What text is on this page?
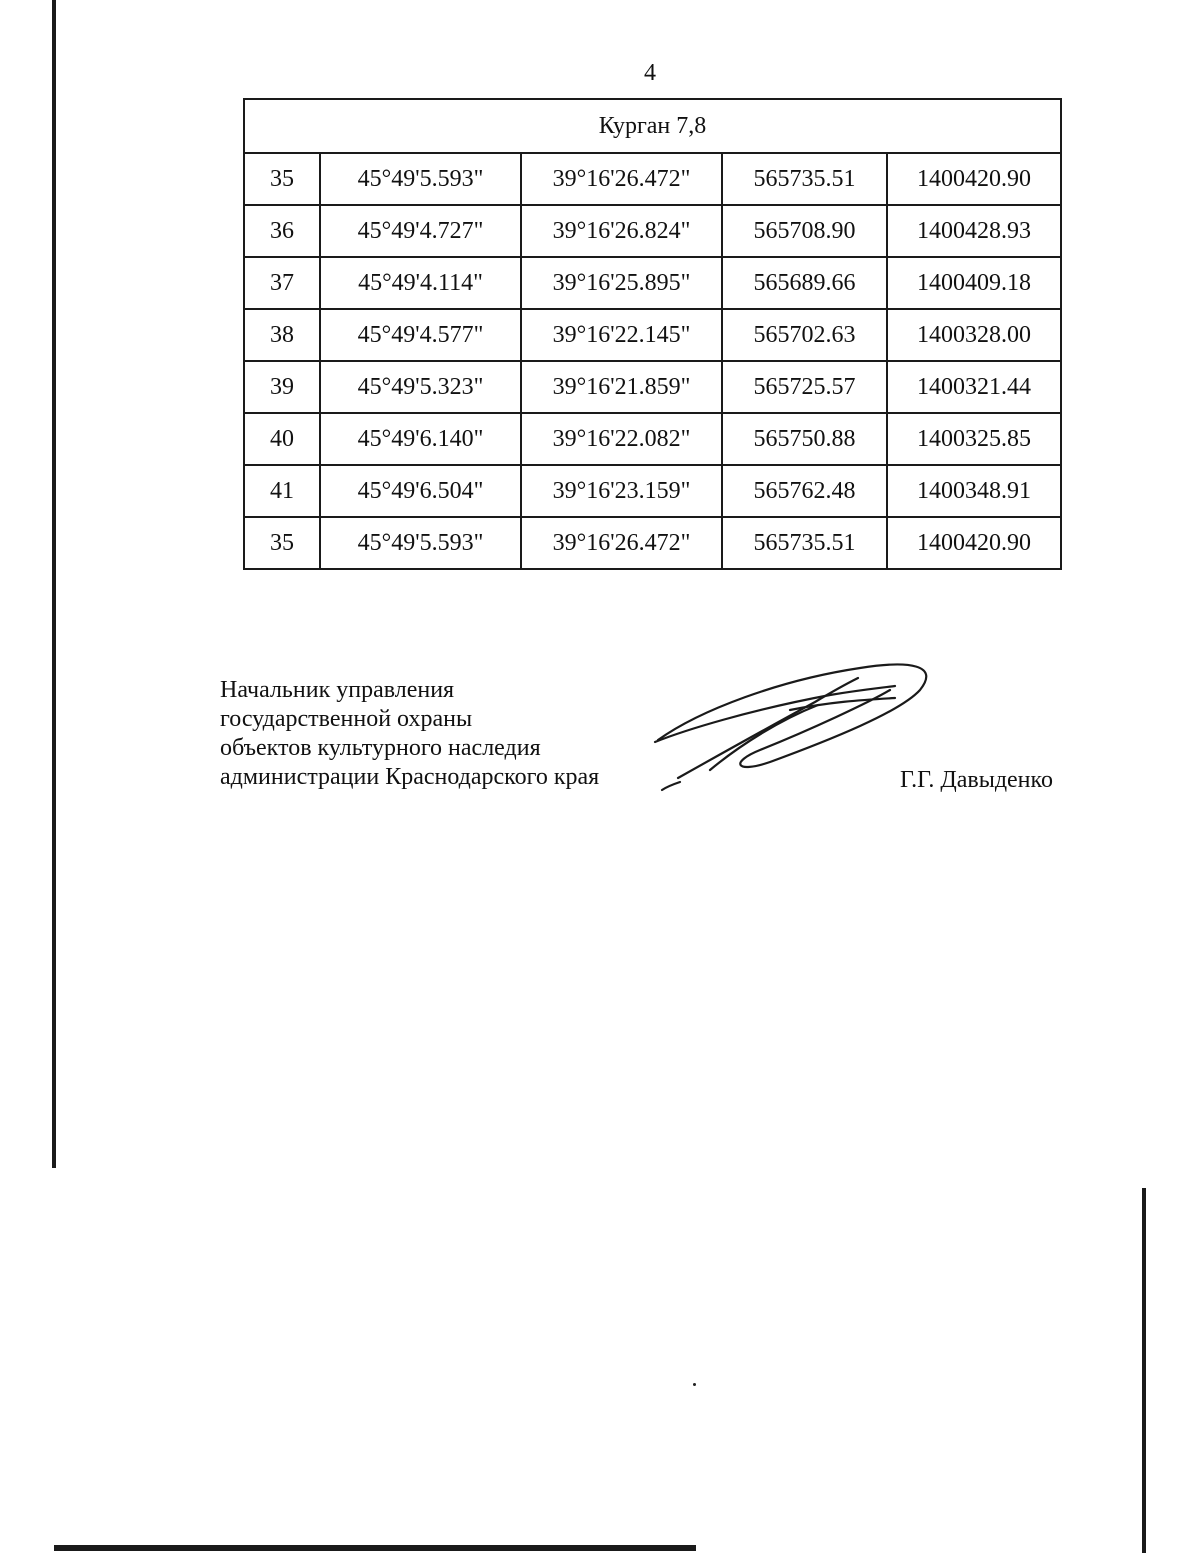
4
Курган 7,8				
35	45°49'5.593"	39°16'26.472"	565735.51	1400420.90
36	45°49'4.727"	39°16'26.824"	565708.90	1400428.93
37	45°49'4.114"	39°16'25.895"	565689.66	1400409.18
38	45°49'4.577"	39°16'22.145"	565702.63	1400328.00
39	45°49'5.323"	39°16'21.859"	565725.57	1400321.44
40	45°49'6.140"	39°16'22.082"	565750.88	1400325.85
41	45°49'6.504"	39°16'23.159"	565762.48	1400348.91
35	45°49'5.593"	39°16'26.472"	565735.51	1400420.90
Начальник управления
государственной охраны
объектов культурного наследия
администрации Краснодарского края	Г.Г. Давыденко
